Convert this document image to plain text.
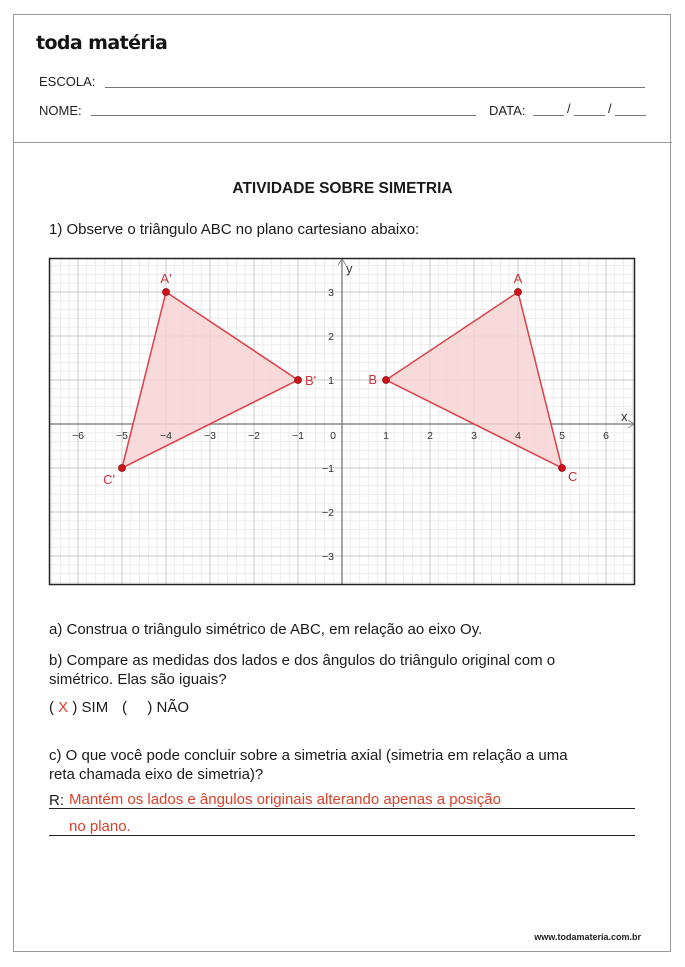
toda matéria
ESCOLA:
NOME:	DATA:	/	/
ATIVIDADE SOBRE SIMETRIA
1) Observe o triângulo ABC no plano cartesiano abaixo:
x
y
−6	−5	−4	−3	−2	−1 0	1	2	3	4	5	6
3
2
1
−1
−2
−3
A
B
C
A'
B'
C'
a) Construa o triângulo simétrico de ABC, em relação ao eixo Oy.
b) Compare as medidas dos lados e dos ângulos do triângulo original com o
simétrico. Elas são iguais?
( X ) SIM ( ) NÃO
c) O que você pode concluir sobre a simetria axial (simetria em relação a uma
reta chamada eixo de simetria)?
R: Mantém os lados e ângulos originais alterando apenas a posição
no plano.
www.todamateria.com.br
